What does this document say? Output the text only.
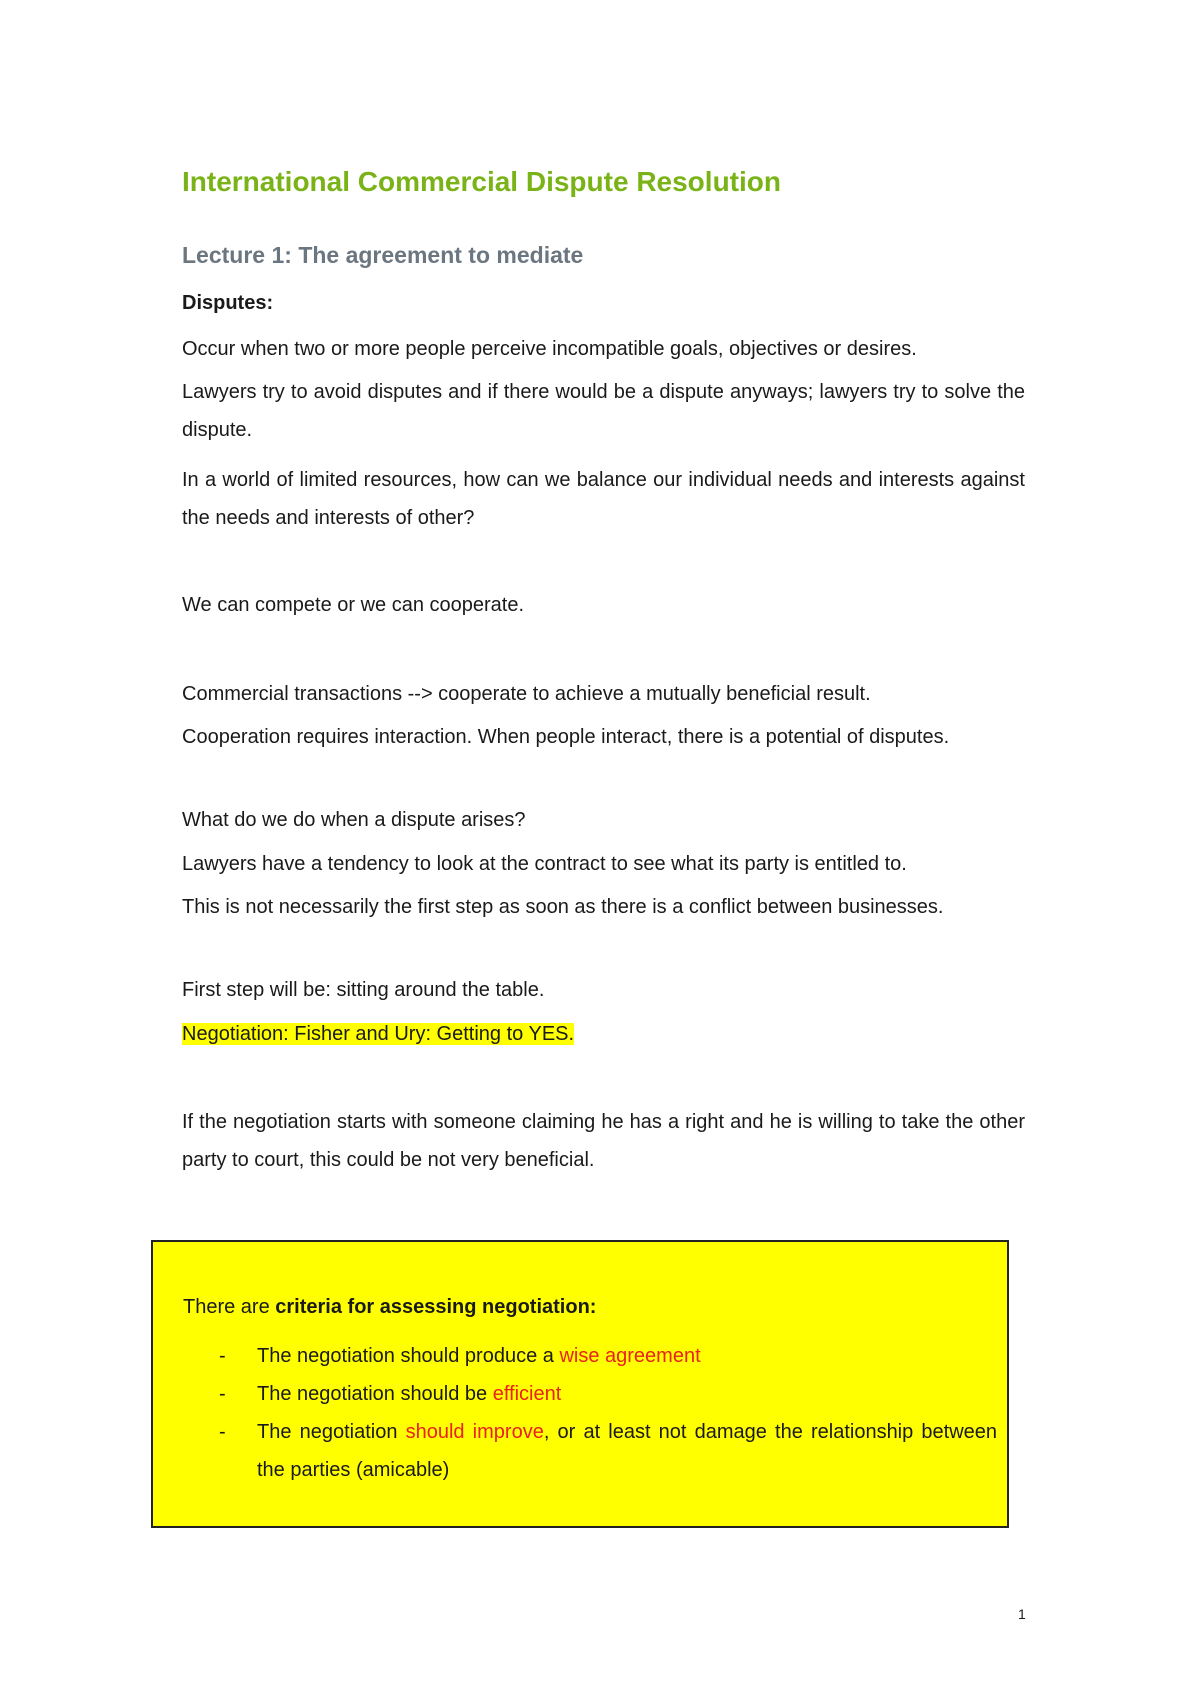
International Commercial Dispute Resolution
Lecture 1: The agreement to mediate
Disputes:

Occur when two or more people perceive incompatible goals, objectives or desires.

Lawyers try to avoid disputes and if there would be a dispute anyways; lawyers try to solve the dispute.

In a world of limited resources, how can we balance our individual needs and interests against the needs and interests of other?

We can compete or we can cooperate.

Commercial transactions --> cooperate to achieve a mutually beneficial result.

Cooperation requires interaction. When people interact, there is a potential of disputes.

What do we do when a dispute arises?

Lawyers have a tendency to look at the contract to see what its party is entitled to.

This is not necessarily the first step as soon as there is a conflict between businesses.

First step will be: sitting around the table.

Negotiation: Fisher and Ury: Getting to YES.

If the negotiation starts with someone claiming he has a right and he is willing to take the other party to court, this could be not very beneficial.

There are criteria for assessing negotiation:

- The negotiation should produce a wise agreement

- The negotiation should be efficient

- The negotiation should improve, or at least not damage the relationship between the parties (amicable)

1
